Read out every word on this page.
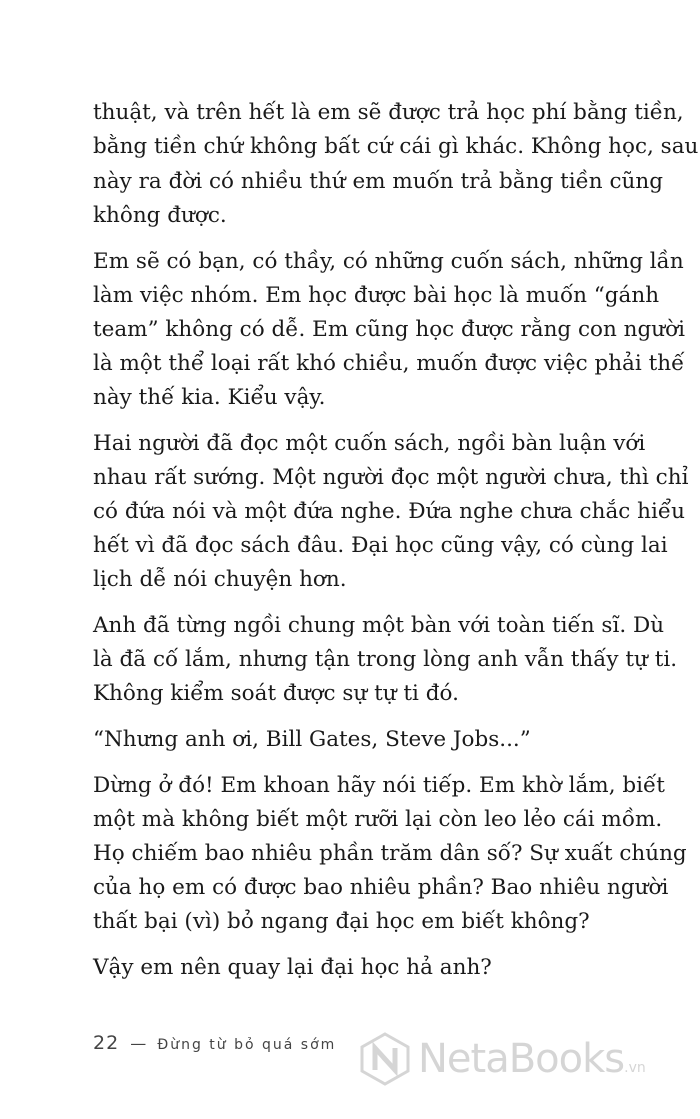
thuật, và trên hết là em sẽ được trả học phí bằng tiền,

bằng tiền chứ không bất cứ cái gì khác. Không học, sau

này ra đời có nhiều thứ em muốn trả bằng tiền cũng

không được.

Em sẽ có bạn, có thầy, có những cuốn sách, những lần

làm việc nhóm. Em học được bài học là muốn “gánh

team” không có dễ. Em cũng học được rằng con người

là một thể loại rất khó chiều, muốn được việc phải thế

này thế kia. Kiểu vậy.

Hai người đã đọc một cuốn sách, ngồi bàn luận với

nhau rất sướng. Một người đọc một người chưa, thì chỉ

có đứa nói và một đứa nghe. Đứa nghe chưa chắc hiểu

hết vì đã đọc sách đâu. Đại học cũng vậy, có cùng lai

lịch dễ nói chuyện hơn.

Anh đã từng ngồi chung một bàn với toàn tiến sĩ. Dù

là đã cố lắm, nhưng tận trong lòng anh vẫn thấy tự ti.

Không kiểm soát được sự tự ti đó.

“Nhưng anh ơi, Bill Gates, Steve Jobs...”

Dừng ở đó! Em khoan hãy nói tiếp. Em khờ lắm, biết

một mà không biết một rưỡi lại còn leo lẻo cái mồm.

Họ chiếm bao nhiêu phần trăm dân số? Sự xuất chúng

của họ em có được bao nhiêu phần? Bao nhiêu người

thất bại (vì) bỏ ngang đại học em biết không?

Vậy em nên quay lại đại học hả anh?

22 — Đừng từ bỏ quá sớm NetaBooks .vn
